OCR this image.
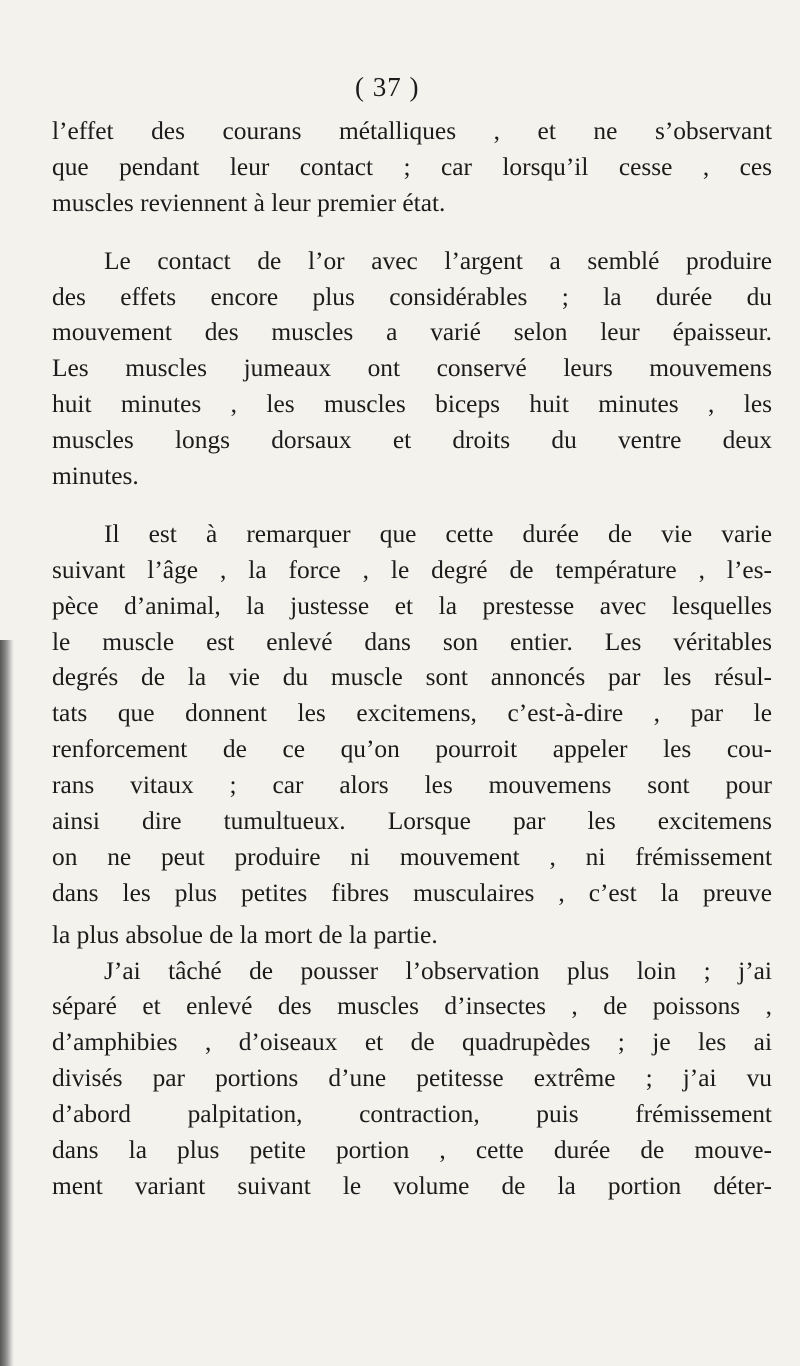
( 37 )
l’effet des courans métalliques , et ne s’observant
que pendant leur contact ; car lorsqu’il cesse , ces
muscles reviennent à leur premier état.
Le contact de l’or avec l’argent a semblé produire
des effets encore plus considérables ; la durée du
mouvement des muscles a varié selon leur épaisseur.
Les muscles jumeaux ont conservé leurs mouvemens
huit minutes , les muscles biceps huit minutes , les
muscles longs dorsaux et droits du ventre deux
minutes.
Il est à remarquer que cette durée de vie varie
suivant l’âge , la force , le degré de température , l’es-
pèce d’animal, la justesse et la prestesse avec lesquelles
le muscle est enlevé dans son entier. Les véritables
degrés de la vie du muscle sont annoncés par les résul-
tats que donnent les excitemens, c’est-à-dire , par le
renforcement de ce qu’on pourroit appeler les cou-
rans vitaux ; car alors les mouvemens sont pour
ainsi dire tumultueux. Lorsque par les excitemens
on ne peut produire ni mouvement , ni frémissement
dans les plus petites fibres musculaires , c’est la preuve
la plus absolue de la mort de la partie.
J’ai tâché de pousser l’observation plus loin ; j’ai
séparé et enlevé des muscles d’insectes , de poissons ,
d’amphibies , d’oiseaux et de quadrupèdes ; je les ai
divisés par portions d’une petitesse extrême ; j’ai vu
d’abord palpitation, contraction, puis frémissement
dans la plus petite portion , cette durée de mouve-
ment variant suivant le volume de la portion déter-
